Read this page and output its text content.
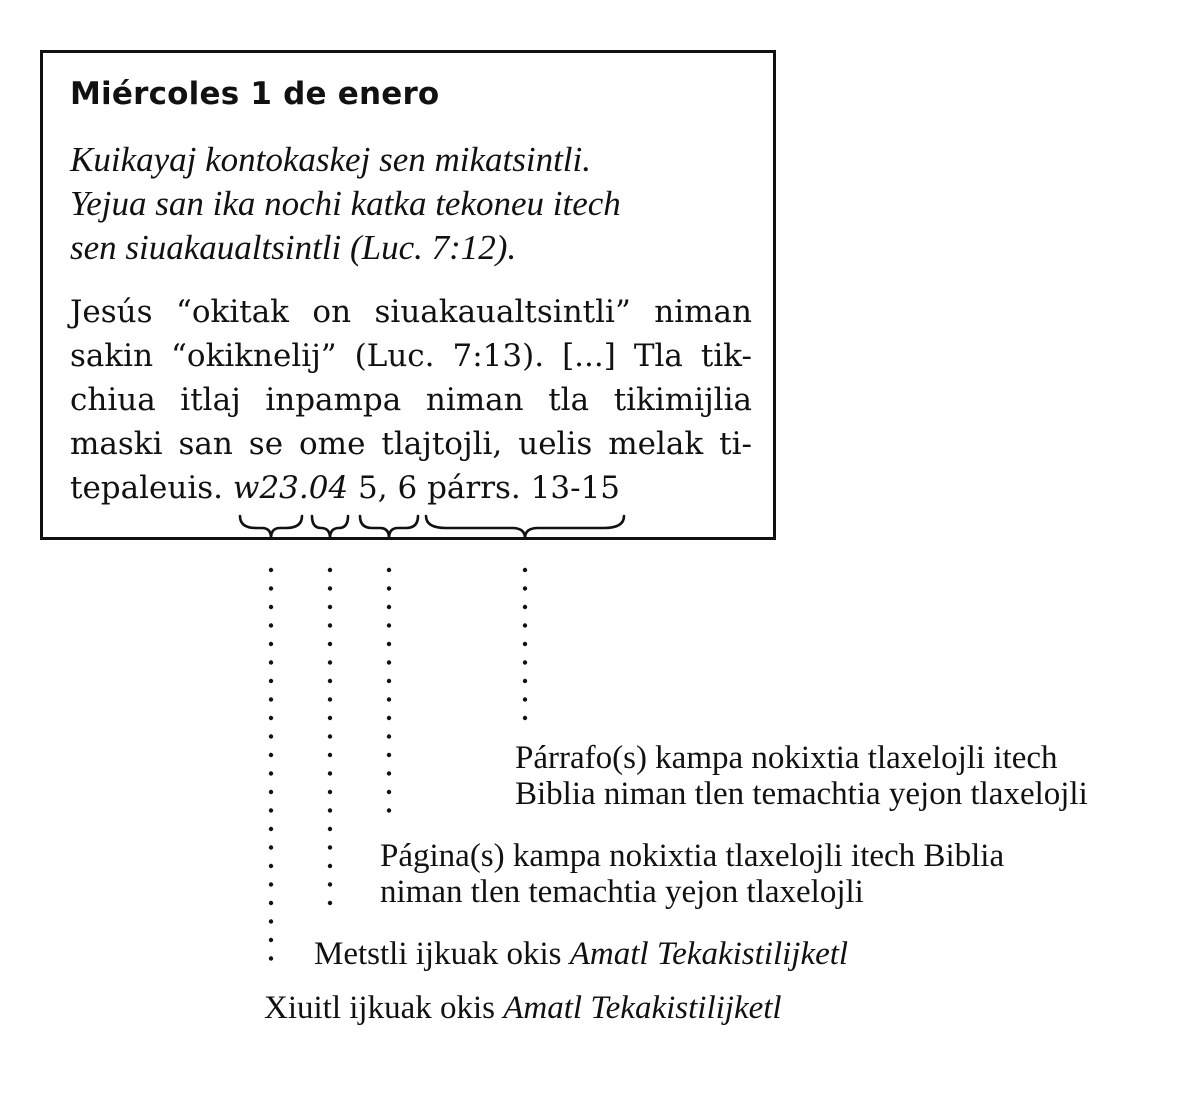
Miércoles 1 de enero
Kuikayaj kontokaskej sen mikatsintli.
Yejua san ika nochi katka tekoneu itech
sen siuakaualtsintli (Luc. 7:12).
Jesús “okitak on siuakaualtsintli” niman
sakin “okiknelij” (Luc. 7:13). [...] Tla tik-
chiua itlaj inpampa niman tla tikimijlia
maski san se ome tlajtojli, uelis melak ti-
tepaleuis. w23.04 5, 6 párrs. 13-15
Párrafo(s) kampa nokixtia tlaxelojli itech
Biblia niman tlen temachtia yejon tlaxelojli
Página(s) kampa nokixtia tlaxelojli itech Biblia
niman tlen temachtia yejon tlaxelojli
Metstli ijkuak okis Amatl Tekakistilijketl
Xiuitl ijkuak okis Amatl Tekakistilijketl
